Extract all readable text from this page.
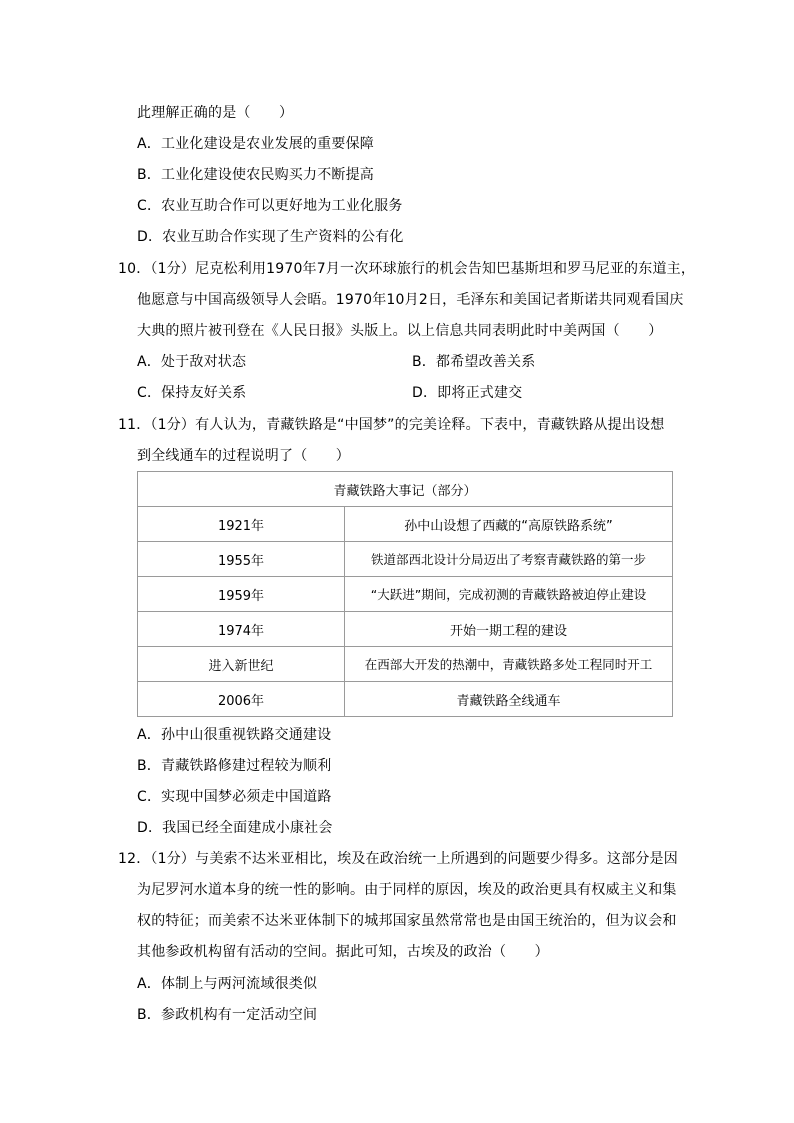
此理解正确的是（　　）
A．工业化建设是农业发展的重要保障
B．工业化建设使农民购买力不断提高
C．农业互助合作可以更好地为工业化服务
D．农业互助合作实现了生产资料的公有化
10．（1分）尼克松利用1970年7月一次环球旅行的机会告知巴基斯坦和罗马尼亚的东道主，
他愿意与中国高级领导人会晤。1970年10月2日，毛泽东和美国记者斯诺共同观看国庆
大典的照片被刊登在《人民日报》头版上。以上信息共同表明此时中美两国（　　）
A．处于敌对状态	B．都希望改善关系
C．保持友好关系	D．即将正式建交
11．（1分）有人认为，青藏铁路是“中国梦”的完美诠释。下表中，青藏铁路从提出设想
到全线通车的过程说明了（　　）
青藏铁路大事记（部分）	
1921年	孙中山设想了西藏的“高原铁路系统”
1955年	铁道部西北设计分局迈出了考察青藏铁路的第一步
1959年	“大跃进”期间，完成初测的青藏铁路被迫停止建设
1974年	开始一期工程的建设
进入新世纪	在西部大开发的热潮中，青藏铁路多处工程同时开工
2006年	青藏铁路全线通车
A．孙中山很重视铁路交通建设
B．青藏铁路修建过程较为顺利
C．实现中国梦必须走中国道路
D．我国已经全面建成小康社会
12．（1分）与美索不达米亚相比，埃及在政治统一上所遇到的问题要少得多。这部分是因
为尼罗河水道本身的统一性的影响。由于同样的原因，埃及的政治更具有权威主义和集
权的特征；而美索不达米亚体制下的城邦国家虽然常常也是由国王统治的，但为议会和
其他参政机构留有活动的空间。据此可知，古埃及的政治（　　）
A．体制上与两河流域很类似
B．参政机构有一定活动空间
